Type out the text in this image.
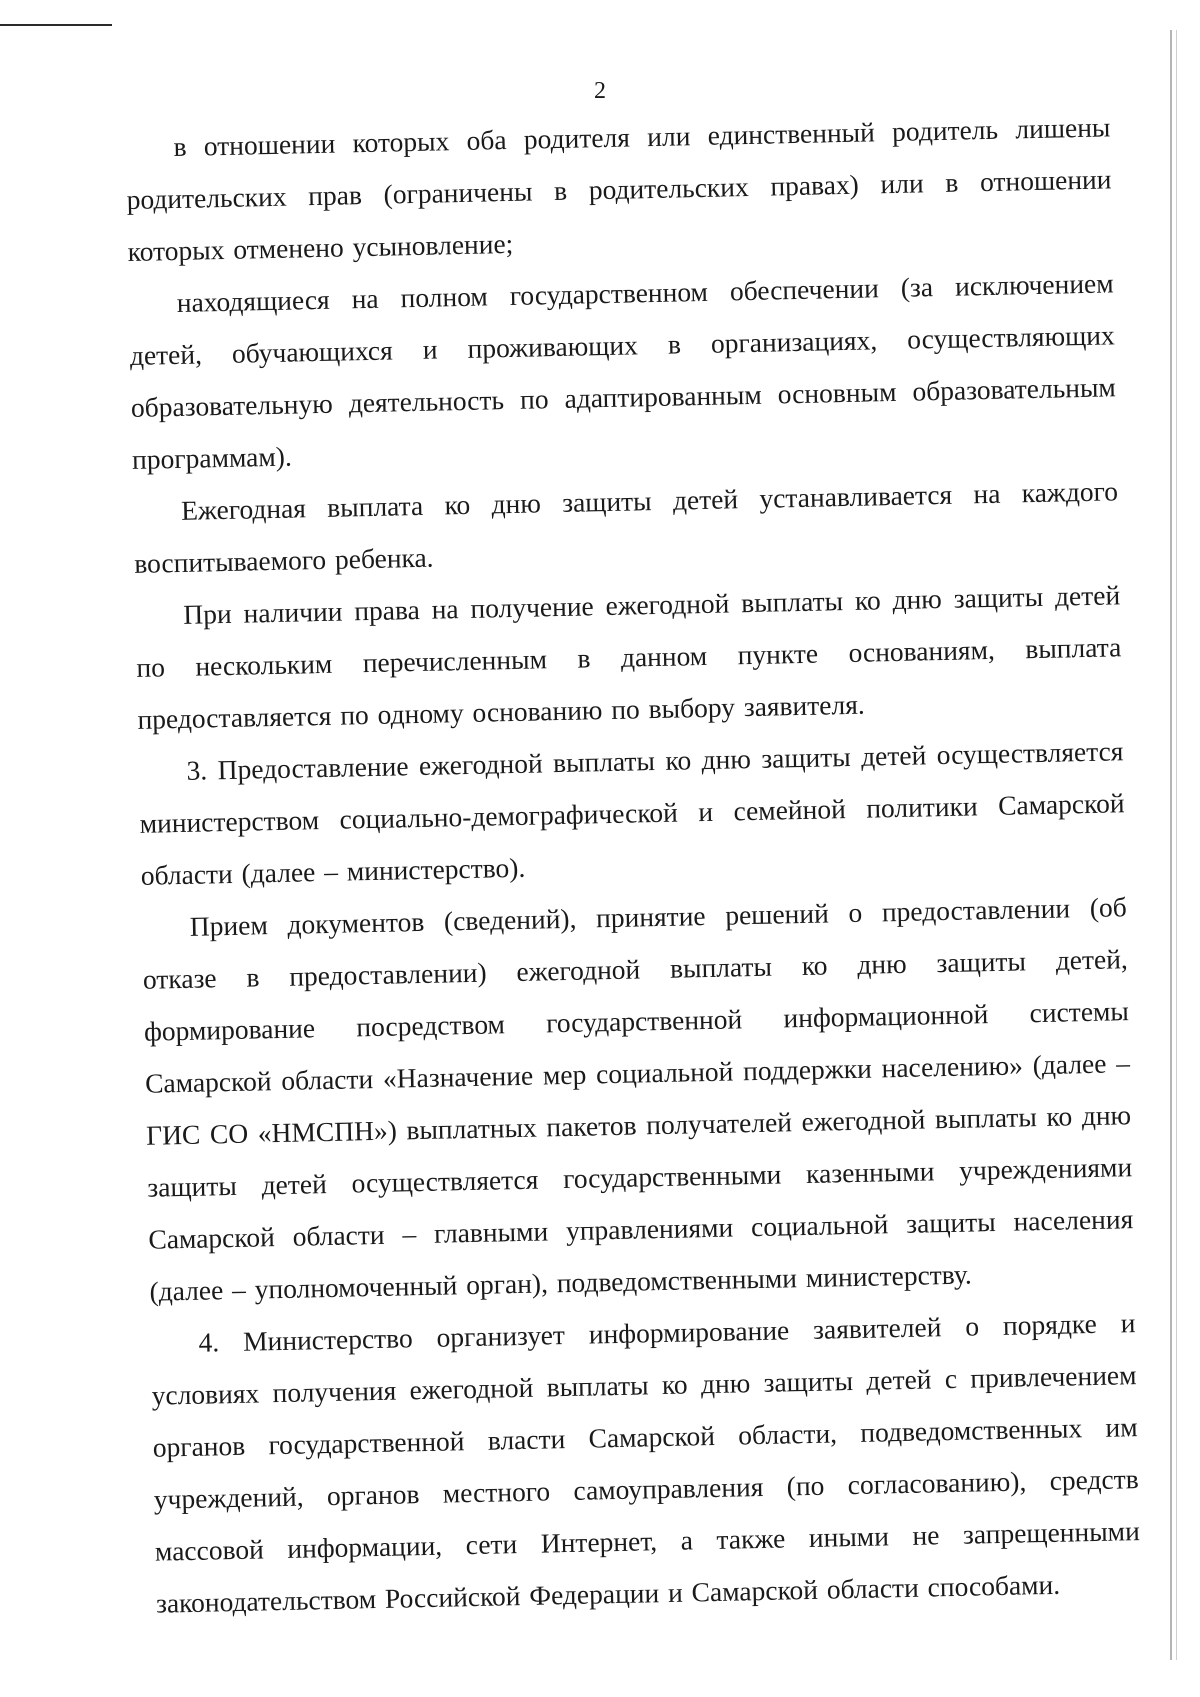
2

в отношении которых оба родителя или единственный родитель лишены родительских прав (ограничены в родительских правах) или в отношении которых отменено усыновление;

находящиеся на полном государственном обеспечении (за исключением детей, обучающихся и проживающих в организациях, осуществляющих образовательную деятельность по адаптированным основным образовательным программам).

Ежегодная выплата ко дню защиты детей устанавливается на каждого воспитываемого ребенка.

При наличии права на получение ежегодной выплаты ко дню защиты детей по нескольким перечисленным в данном пункте основаниям, выплата предоставляется по одному основанию по выбору заявителя.

3. Предоставление ежегодной выплаты ко дню защиты детей осуществляется министерством социально-демографической и семейной политики Самарской области (далее – министерство).

Прием документов (сведений), принятие решений о предоставлении (об отказе в предоставлении) ежегодной выплаты ко дню защиты детей, формирование посредством государственной информационной системы Самарской области «Назначение мер социальной поддержки населению» (далее – ГИС СО «НМСПН») выплатных пакетов получателей ежегодной выплаты ко дню защиты детей осуществляется государственными казенными учреждениями Самарской области – главными управлениями социальной защиты населения (далее – уполномоченный орган), подведомственными министерству.

4. Министерство организует информирование заявителей о порядке и условиях получения ежегодной выплаты ко дню защиты детей с привлечением органов государственной власти Самарской области, подведомственных им учреждений, органов местного самоуправления (по согласованию), средств массовой информации, сети Интернет, а также иными не запрещенными законодательством Российской Федерации и Самарской области способами.
